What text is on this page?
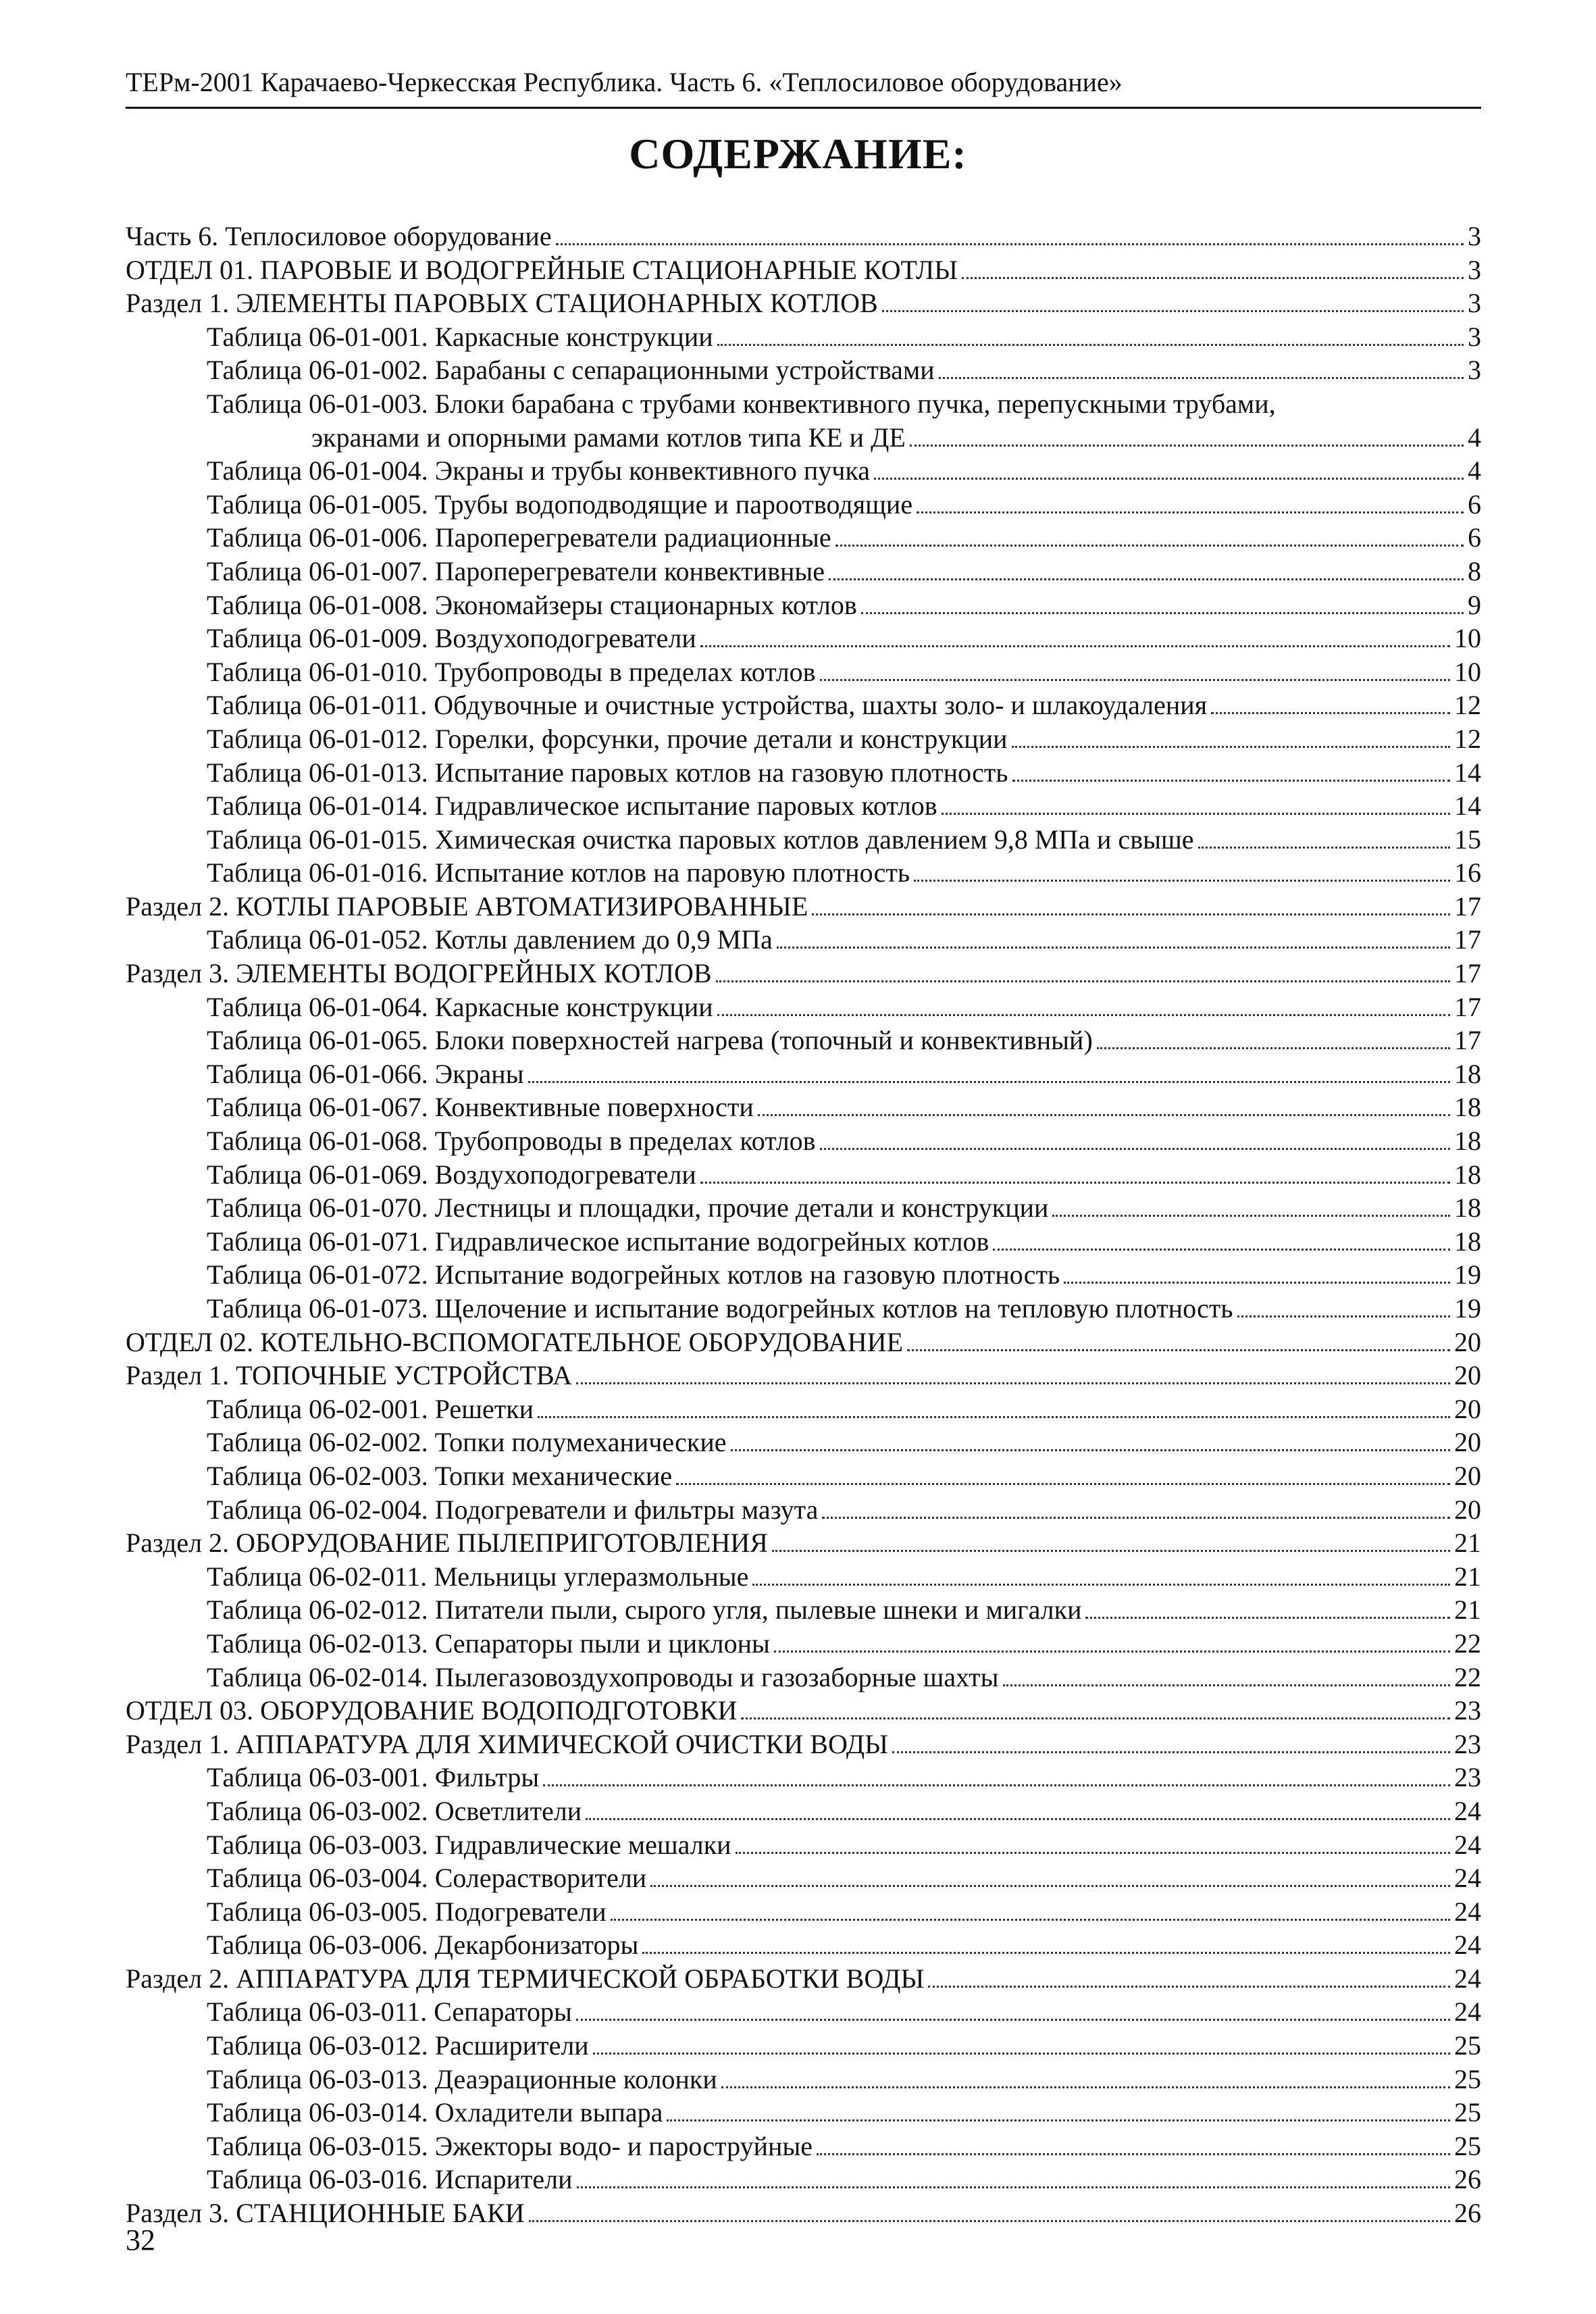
ТЕРм-2001 Карачаево-Черкесская Республика. Часть 6. «Теплосиловое оборудование»
СОДЕРЖАНИЕ:
Часть 6. Теплосиловое оборудование	3
ОТДЕЛ 01. ПАРОВЫЕ И ВОДОГРЕЙНЫЕ СТАЦИОНАРНЫЕ КОТЛЫ	3
Раздел 1. ЭЛЕМЕНТЫ ПАРОВЫХ СТАЦИОНАРНЫХ КОТЛОВ	3
Таблица 06-01-001. Каркасные конструкции	3
Таблица 06-01-002. Барабаны с сепарационными устройствами	3
Таблица 06-01-003. Блоки барабана с трубами конвективного пучка, перепускными трубами,
экранами и опорными рамами котлов типа КЕ и ДЕ	4
Таблица 06-01-004. Экраны и трубы конвективного пучка	4
Таблица 06-01-005. Трубы водоподводящие и пароотводящие	6
Таблица 06-01-006. Пароперегреватели радиационные	6
Таблица 06-01-007. Пароперегреватели конвективные	8
Таблица 06-01-008. Экономайзеры стационарных котлов	9
Таблица 06-01-009. Воздухоподогреватели	10
Таблица 06-01-010. Трубопроводы в пределах котлов	10
Таблица 06-01-011. Обдувочные и очистные устройства, шахты золо- и шлакоудаления	12
Таблица 06-01-012. Горелки, форсунки, прочие детали и конструкции	12
Таблица 06-01-013. Испытание паровых котлов на газовую плотность	14
Таблица 06-01-014. Гидравлическое испытание паровых котлов	14
Таблица 06-01-015. Химическая очистка паровых котлов давлением 9,8 МПа и свыше	15
Таблица 06-01-016. Испытание котлов на паровую плотность	16
Раздел 2. КОТЛЫ ПАРОВЫЕ АВТОМАТИЗИРОВАННЫЕ	17
Таблица 06-01-052. Котлы давлением до 0,9 МПа	17
Раздел 3. ЭЛЕМЕНТЫ ВОДОГРЕЙНЫХ КОТЛОВ	17
Таблица 06-01-064. Каркасные конструкции	17
Таблица 06-01-065. Блоки поверхностей нагрева (топочный и конвективный)	17
Таблица 06-01-066. Экраны	18
Таблица 06-01-067. Конвективные поверхности	18
Таблица 06-01-068. Трубопроводы в пределах котлов	18
Таблица 06-01-069. Воздухоподогреватели	18
Таблица 06-01-070. Лестницы и площадки, прочие детали и конструкции	18
Таблица 06-01-071. Гидравлическое испытание водогрейных котлов	18
Таблица 06-01-072. Испытание водогрейных котлов на газовую плотность	19
Таблица 06-01-073. Щелочение и испытание водогрейных котлов на тепловую плотность	19
ОТДЕЛ 02. КОТЕЛЬНО-ВСПОМОГАТЕЛЬНОЕ ОБОРУДОВАНИЕ	20
Раздел 1. ТОПОЧНЫЕ УСТРОЙСТВА	20
Таблица 06-02-001. Решетки	20
Таблица 06-02-002. Топки полумеханические	20
Таблица 06-02-003. Топки механические	20
Таблица 06-02-004. Подогреватели и фильтры мазута	20
Раздел 2. ОБОРУДОВАНИЕ ПЫЛЕПРИГОТОВЛЕНИЯ	21
Таблица 06-02-011. Мельницы углеразмольные	21
Таблица 06-02-012. Питатели пыли, сырого угля, пылевые шнеки и мигалки	21
Таблица 06-02-013. Сепараторы пыли и циклоны	22
Таблица 06-02-014. Пылегазовоздухопроводы и газозаборные шахты	22
ОТДЕЛ 03. ОБОРУДОВАНИЕ ВОДОПОДГОТОВКИ	23
Раздел 1. АППАРАТУРА ДЛЯ ХИМИЧЕСКОЙ ОЧИСТКИ ВОДЫ	23
Таблица 06-03-001. Фильтры	23
Таблица 06-03-002. Осветлители	24
Таблица 06-03-003. Гидравлические мешалки	24
Таблица 06-03-004. Солерастворители	24
Таблица 06-03-005. Подогреватели	24
Таблица 06-03-006. Декарбонизаторы	24
Раздел 2. АППАРАТУРА ДЛЯ ТЕРМИЧЕСКОЙ ОБРАБОТКИ ВОДЫ	24
Таблица 06-03-011. Сепараторы	24
Таблица 06-03-012. Расширители	25
Таблица 06-03-013. Деаэрационные колонки	25
Таблица 06-03-014. Охладители выпара	25
Таблица 06-03-015. Эжекторы водо- и пароструйные	25
Таблица 06-03-016. Испарители	26
Раздел 3. СТАНЦИОННЫЕ БАКИ	26
32
